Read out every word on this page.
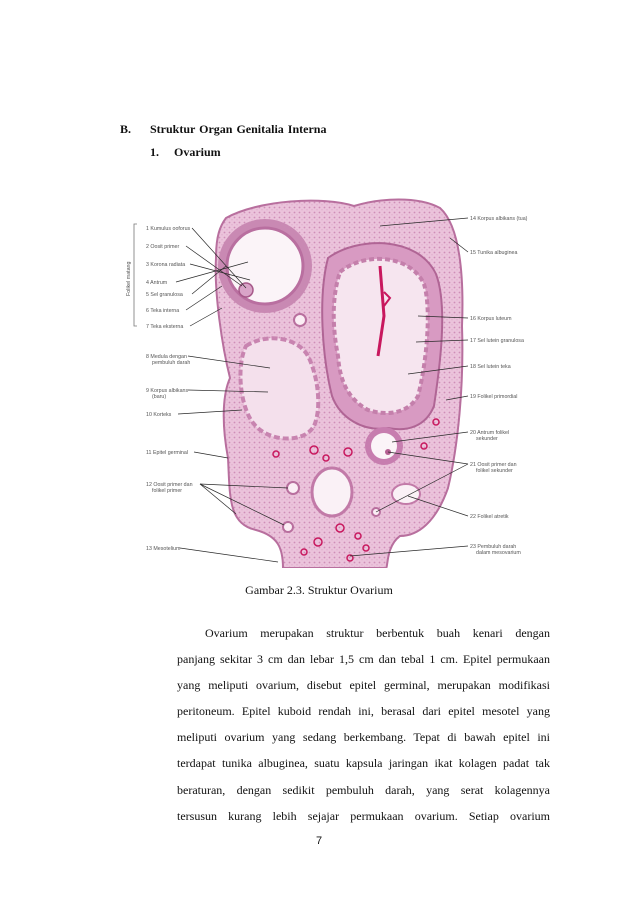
B. Struktur Organ Genitalia Interna
1. Ovarium
Folikel matang
1 Kumulus ooforus
2 Oosit primer
3 Korona radiata
4 Antrum
5 Sel granulosa
6 Teka interna
7 Teka eksterna
8 Medula dengan
pembuluh darah
9 Korpus albikans
(baru)
10 Korteks
11 Epitel germinal
12 Oosit primer dan
folikel primer
13 Mesotelium
14 Korpus albikans (tua)
15 Tunika albuginea
16 Korpus luteum
17 Sel lutein granulosa
18 Sel lutein teka
19 Folikel primordial
20 Antrum folikel
sekunder
21 Oosit primer dan
folikel sekunder
22 Folikel atretik
23 Pembuluh darah
dalam mesovarium
Gambar 2.3. Struktur Ovarium
Ovarium merupakan struktur berbentuk buah kenari dengan
panjang sekitar 3 cm dan lebar 1,5 cm dan tebal 1 cm. Epitel permukaan
yang meliputi ovarium, disebut epitel germinal, merupakan modifikasi
peritoneum. Epitel kuboid rendah ini, berasal dari epitel mesotel yang
meliputi ovarium yang sedang berkembang. Tepat di bawah epitel ini
terdapat tunika albuginea, suatu kapsula jaringan ikat kolagen padat tak
beraturan, dengan sedikit pembuluh darah, yang serat kolagennya
tersusun kurang lebih sejajar permukaan ovarium. Setiap ovarium
7
